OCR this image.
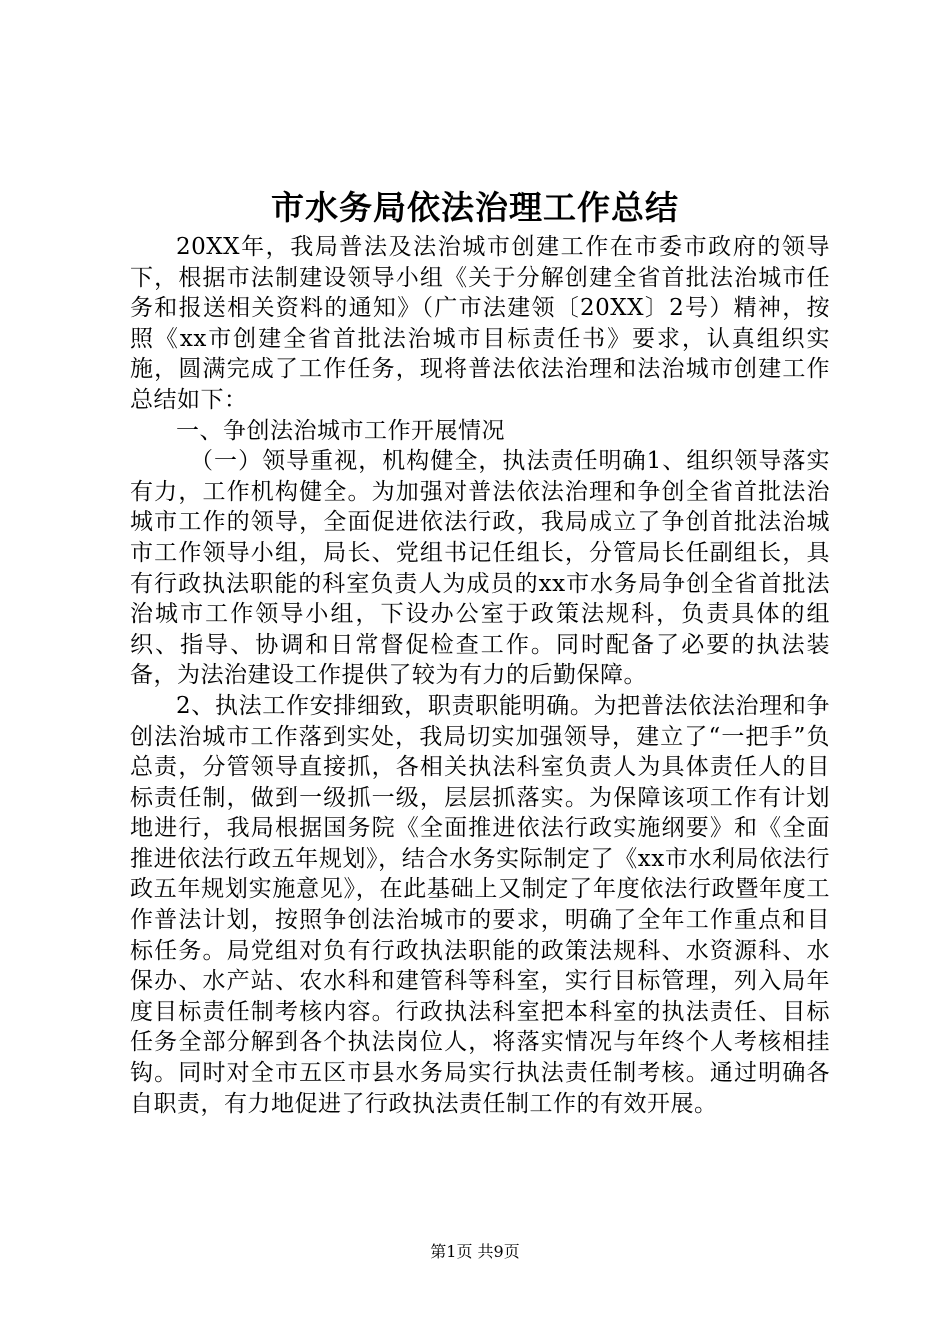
市水务局依法治理工作总结

20XX年，我局普法及法治城市创建工作在市委市政府的领导下，根据市法制建设领导小组《关于分解创建全省首批法治城市任务和报送相关资料的通知》（广市法建领〔20XX〕2号）精神，按照《xx市创建全省首批法治城市目标责任书》要求，认真组织实施，圆满完成了工作任务，现将普法依法治理和法治城市创建工作总结如下：

一、争创法治城市工作开展情况

（一）领导重视，机构健全，执法责任明确1、组织领导落实有力，工作机构健全。为加强对普法依法治理和争创全省首批法治城市工作的领导，全面促进依法行政，我局成立了争创首批法治城市工作领导小组，局长、党组书记任组长，分管局长任副组长，具有行政执法职能的科室负责人为成员的xx市水务局争创全省首批法治城市工作领导小组，下设办公室于政策法规科，负责具体的组织、指导、协调和日常督促检查工作。同时配备了必要的执法装备，为法治建设工作提供了较为有力的后勤保障。

2、执法工作安排细致，职责职能明确。为把普法依法治理和争创法治城市工作落到实处，我局切实加强领导，建立了“一把手”负总责，分管领导直接抓，各相关执法科室负责人为具体责任人的目标责任制，做到一级抓一级，层层抓落实。为保障该项工作有计划地进行，我局根据国务院《全面推进依法行政实施纲要》和《全面推进依法行政五年规划》，结合水务实际制定了《xx市水利局依法行政五年规划实施意见》，在此基础上又制定了年度依法行政暨年度工作普法计划，按照争创法治城市的要求，明确了全年工作重点和目标任务。局党组对负有行政执法职能的政策法规科、水资源科、水保办、水产站、农水科和建管科等科室，实行目标管理，列入局年度目标责任制考核内容。行政执法科室把本科室的执法责任、目标任务全部分解到各个执法岗位人，将落实情况与年终个人考核相挂钩。同时对全市五区市县水务局实行执法责任制考核。通过明确各自职责，有力地促进了行政执法责任制工作的有效开展。

第1页 共9页
